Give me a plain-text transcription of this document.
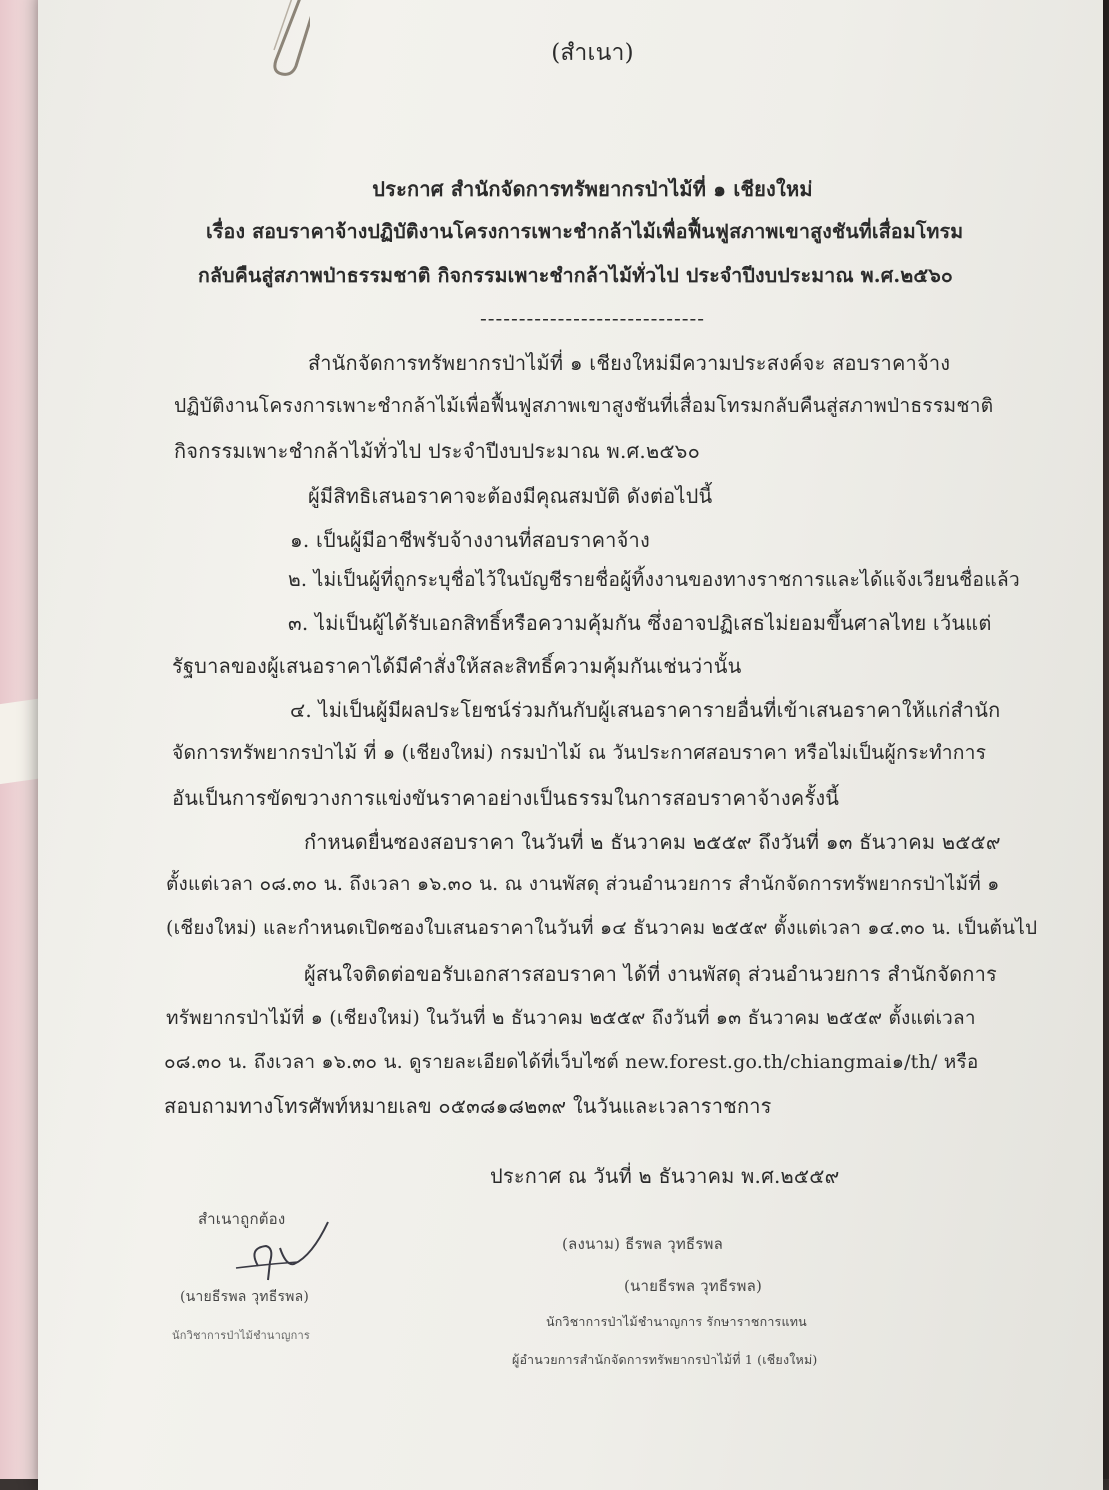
(สำเนา)
ประกาศ สำนักจัดการทรัพยากรป่าไม้ที่ ๑ เชียงใหม่
เรื่อง สอบราคาจ้างปฏิบัติงานโครงการเพาะชำกล้าไม้เพื่อฟื้นฟูสภาพเขาสูงชันที่เสื่อมโทรม
กลับคืนสู่สภาพป่าธรรมชาติ กิจกรรมเพาะชำกล้าไม้ทั่วไป ประจำปีงบประมาณ พ.ศ.๒๕๖๐
-----------------------------
สำนักจัดการทรัพยากรป่าไม้ที่ ๑ เชียงใหม่มีความประสงค์จะ สอบราคาจ้าง
ปฏิบัติงานโครงการเพาะชำกล้าไม้เพื่อฟื้นฟูสภาพเขาสูงชันที่เสื่อมโทรมกลับคืนสู่สภาพป่าธรรมชาติ
กิจกรรมเพาะชำกล้าไม้ทั่วไป ประจำปีงบประมาณ พ.ศ.๒๕๖๐
ผู้มีสิทธิเสนอราคาจะต้องมีคุณสมบัติ ดังต่อไปนี้
๑. เป็นผู้มีอาชีพรับจ้างงานที่สอบราคาจ้าง
๒. ไม่เป็นผู้ที่ถูกระบุชื่อไว้ในบัญชีรายชื่อผู้ทิ้งงานของทางราชการและได้แจ้งเวียนชื่อแล้ว
๓. ไม่เป็นผู้ได้รับเอกสิทธิ์หรือความคุ้มกัน ซึ่งอาจปฏิเสธไม่ยอมขึ้นศาลไทย เว้นแต่
รัฐบาลของผู้เสนอราคาได้มีคำสั่งให้สละสิทธิ์ความคุ้มกันเช่นว่านั้น
๔. ไม่เป็นผู้มีผลประโยชน์ร่วมกันกับผู้เสนอราคารายอื่นที่เข้าเสนอราคาให้แก่สำนัก
จัดการทรัพยากรป่าไม้ ที่ ๑ (เชียงใหม่) กรมป่าไม้ ณ วันประกาศสอบราคา หรือไม่เป็นผู้กระทำการ
อันเป็นการขัดขวางการแข่งขันราคาอย่างเป็นธรรมในการสอบราคาจ้างครั้งนี้
กำหนดยื่นซองสอบราคา ในวันที่ ๒ ธันวาคม ๒๕๕๙ ถึงวันที่ ๑๓ ธันวาคม ๒๕๕๙
ตั้งแต่เวลา ๐๘.๓๐ น. ถึงเวลา ๑๖.๓๐ น. ณ งานพัสดุ ส่วนอำนวยการ สำนักจัดการทรัพยากรป่าไม้ที่ ๑
(เชียงใหม่) และกำหนดเปิดซองใบเสนอราคาในวันที่ ๑๔ ธันวาคม ๒๕๕๙ ตั้งแต่เวลา ๑๔.๓๐ น. เป็นต้นไป
ผู้สนใจติดต่อขอรับเอกสารสอบราคา ได้ที่ งานพัสดุ ส่วนอำนวยการ สำนักจัดการ
ทรัพยากรป่าไม้ที่ ๑ (เชียงใหม่) ในวันที่ ๒ ธันวาคม ๒๕๕๙ ถึงวันที่ ๑๓ ธันวาคม ๒๕๕๙ ตั้งแต่เวลา
๐๘.๓๐ น. ถึงเวลา ๑๖.๓๐ น. ดูรายละเอียดได้ที่เว็บไซต์ new.forest.go.th/chiangmai๑/th/ หรือ
สอบถามทางโทรศัพท์หมายเลข ๐๕๓๘๑๘๒๓๙ ในวันและเวลาราชการ
ประกาศ ณ วันที่ ๒ ธันวาคม พ.ศ.๒๕๕๙
สำเนาถูกต้อง
(นายธีรพล วุทธีรพล)
นักวิชาการป่าไม้ชำนาญการ
(ลงนาม) ธีรพล วุทธีรพล
(นายธีรพล วุทธีรพล)
นักวิชาการป่าไม้ชำนาญการ รักษาราชการแทน
ผู้อำนวยการสำนักจัดการทรัพยากรป่าไม้ที่ 1 (เชียงใหม่)
